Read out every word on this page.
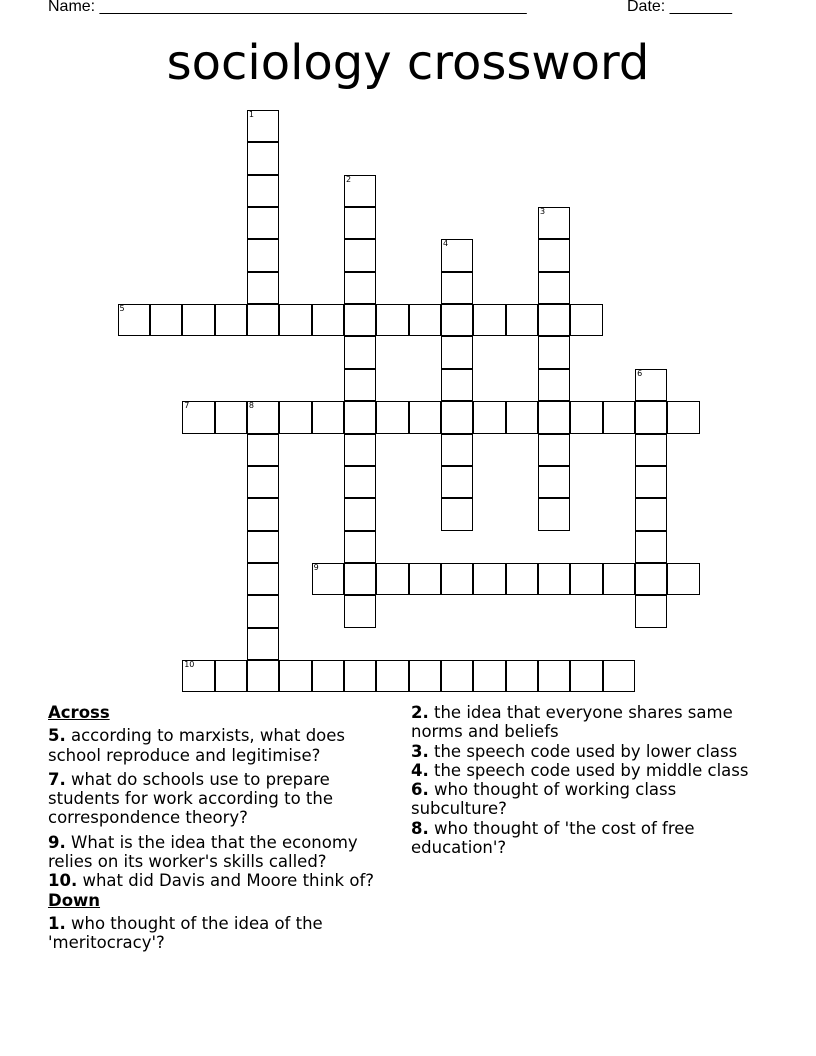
Name: ________________________________________________	Date: _______
sociology crossword
5
7	8
9
10
1
2
3
4
6
Across
5. according to marxists, what does school reproduce and legitimise?
7. what do schools use to prepare students for work according to the correspondence theory?
9. What is the idea that the economy relies on its worker's skills called?
10. what did Davis and Moore think of?
Down
1. who thought of the idea of the 'meritocracy'?
2. the idea that everyone shares same norms and beliefs
3. the speech code used by lower class
4. the speech code used by middle class
6. who thought of working class subculture?
8. who thought of 'the cost of free education'?
